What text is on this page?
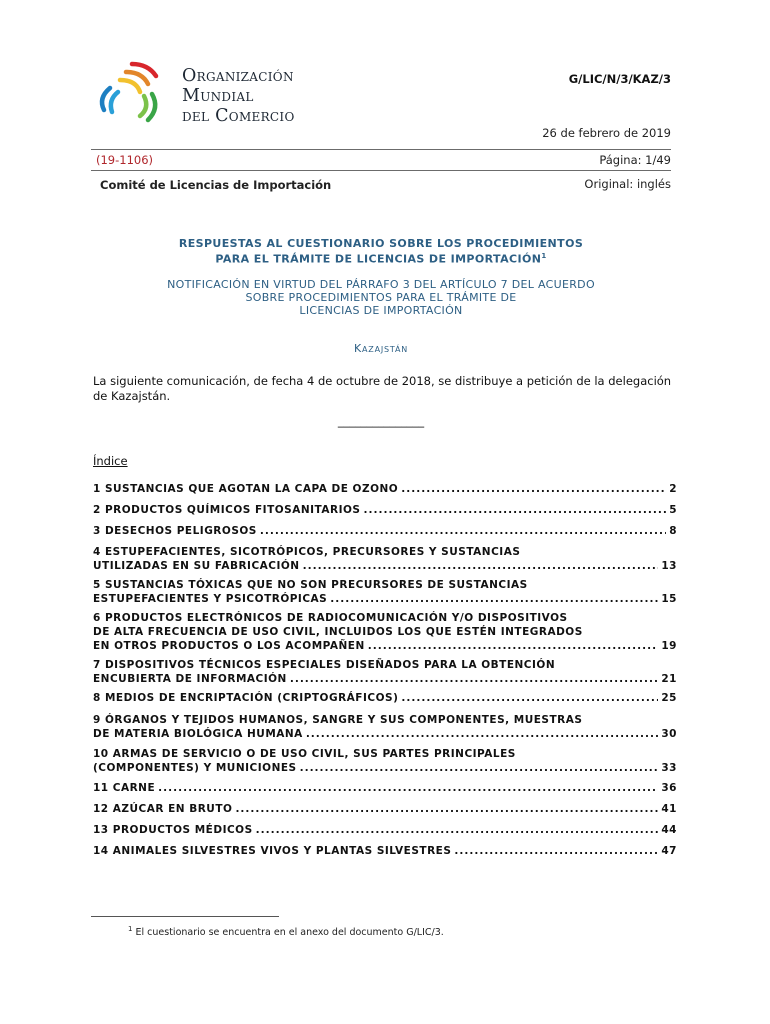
Organización
Mundial
del Comercio
G/LIC/N/3/KAZ/3
26 de febrero de 2019
(19-1106)	Página: 1/49
Comité de Licencias de Importación	Original: inglés
RESPUESTAS AL CUESTIONARIO SOBRE LOS PROCEDIMIENTOS
PARA EL TRÁMITE DE LICENCIAS DE IMPORTACIÓN$^1$
NOTIFICACIÓN EN VIRTUD DEL PÁRRAFO 3 DEL ARTÍCULO 7 DEL ACUERDO
SOBRE PROCEDIMIENTOS PARA EL TRÁMITE DE
LICENCIAS DE IMPORTACIÓN
Kazajstán
La siguiente comunicación, de fecha 4 de octubre de 2018, se distribuye a petición de la delegación
de Kazajstán.
_______________
Índice
1 SUSTANCIAS QUE AGOTAN LA CAPA DE OZONO .....	2
2 PRODUCTOS QUÍMICOS FITOSANITARIOS .....	5
3 DESECHOS PELIGROSOS .....	8
4 ESTUPEFACIENTES, SICOTRÓPICOS, PRECURSORES Y SUSTANCIAS
UTILIZADAS EN SU FABRICACIÓN .....	13
5 SUSTANCIAS TÓXICAS QUE NO SON PRECURSORES DE SUSTANCIAS
ESTUPEFACIENTES Y PSICOTRÓPICAS .....	15
6 PRODUCTOS ELECTRÓNICOS DE RADIOCOMUNICACIÓN Y/O DISPOSITIVOS
DE ALTA FRECUENCIA DE USO CIVIL, INCLUIDOS LOS QUE ESTÉN INTEGRADOS
EN OTROS PRODUCTOS O LOS ACOMPAÑEN .....	19
7 DISPOSITIVOS TÉCNICOS ESPECIALES DISEÑADOS PARA LA OBTENCIÓN
ENCUBIERTA DE INFORMACIÓN .....	21
8 MEDIOS DE ENCRIPTACIÓN (CRIPTOGRÁFICOS) .....	25
9 ÓRGANOS Y TEJIDOS HUMANOS, SANGRE Y SUS COMPONENTES, MUESTRAS
DE MATERIA BIOLÓGICA HUMANA .....	30
10 ARMAS DE SERVICIO O DE USO CIVIL, SUS PARTES PRINCIPALES
(COMPONENTES) Y MUNICIONES .....	33
11 CARNE .....	36
12 AZÚCAR EN BRUTO .....	41
13 PRODUCTOS MÉDICOS .....	44
14 ANIMALES SILVESTRES VIVOS Y PLANTAS SILVESTRES .....	47
$^1$ El cuestionario se encuentra en el anexo del documento G/LIC/3.
